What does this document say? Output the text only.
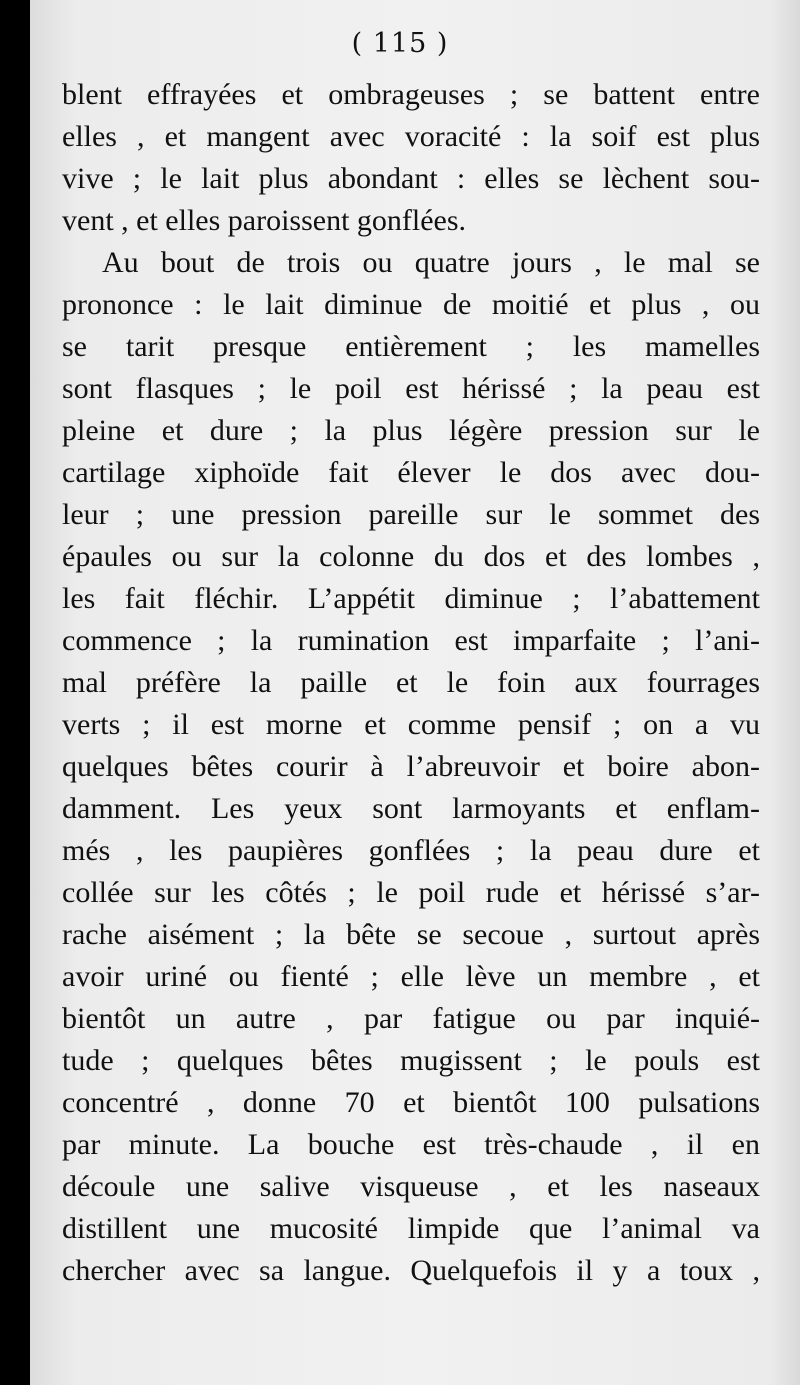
( 115 )
blent effrayées et ombrageuses ; se battent entre
elles , et mangent avec voracité : la soif est plus
vive ; le lait plus abondant : elles se lèchent sou-
vent , et elles paroissent gonflées.
Au bout de trois ou quatre jours , le mal se
prononce : le lait diminue de moitié et plus , ou
se tarit presque entièrement ; les mamelles
sont flasques ; le poil est hérissé ; la peau est
pleine et dure ; la plus légère pression sur le
cartilage xiphoïde fait élever le dos avec dou-
leur ; une pression pareille sur le sommet des
épaules ou sur la colonne du dos et des lombes ,
les fait fléchir. L’appétit diminue ; l’abattement
commence ; la rumination est imparfaite ; l’ani-
mal préfère la paille et le foin aux fourrages
verts ; il est morne et comme pensif ; on a vu
quelques bêtes courir à l’abreuvoir et boire abon-
damment. Les yeux sont larmoyants et enflam-
més , les paupières gonflées ; la peau dure et
collée sur les côtés ; le poil rude et hérissé s’ar-
rache aisément ; la bête se secoue , surtout après
avoir uriné ou fienté ; elle lève un membre , et
bientôt un autre , par fatigue ou par inquié-
tude ; quelques bêtes mugissent ; le pouls est
concentré , donne 70 et bientôt 100 pulsations
par minute. La bouche est très-chaude , il en
découle une salive visqueuse , et les naseaux
distillent une mucosité limpide que l’animal va
chercher avec sa langue. Quelquefois il y a toux ,
